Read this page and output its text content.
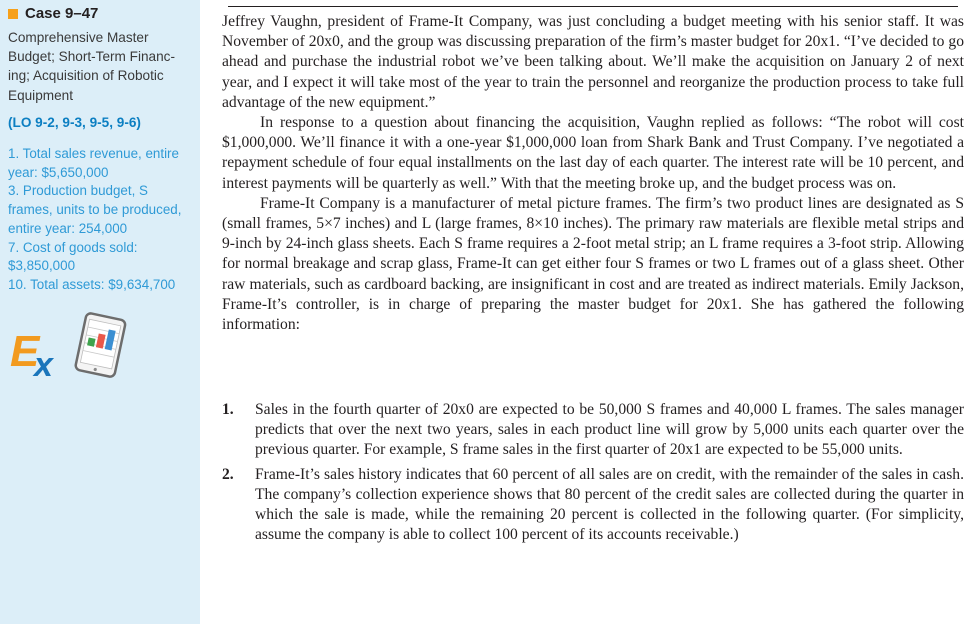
Case 9–47
Comprehensive Master
Budget; Short-Term Financ-
ing; Acquisition of Robotic
Equipment
(LO 9-2, 9-3, 9-5, 9-6)
1. Total sales revenue, entire
year: $5,650,000
3. Production budget, S
frames, units to be produced,
entire year: 254,000
7. Cost of goods sold:
$3,850,000
10. Total assets: $9,634,700
E
x

Jeffrey Vaughn, president of Frame-It Company, was just concluding a budget meeting with his senior staff. It was November of 20x0, and the group was discussing preparation of the firm’s master budget for 20x1. “I’ve decided to go ahead and purchase the industrial robot we’ve been talking about. We’ll make the acquisition on January 2 of next year, and I expect it will take most of the year to train the personnel and reorganize the production process to take full advantage of the new equipment.”

In response to a question about financing the acquisition, Vaughn replied as follows: “The robot will cost $1,000,000. We’ll finance it with a one-year $1,000,000 loan from Shark Bank and Trust Company. I’ve negotiated a repayment schedule of four equal installments on the last day of each quarter. The interest rate will be 10 percent, and interest payments will be quarterly as well.” With that the meeting broke up, and the budget process was on.

Frame-It Company is a manufacturer of metal picture frames. The firm’s two product lines are designated as S (small frames, 5×7 inches) and L (large frames, 8×10 inches). The primary raw materials are flexible metal strips and 9-inch by 24-inch glass sheets. Each S frame requires a 2-foot metal strip; an L frame requires a 3-foot strip. Allowing for normal breakage and scrap glass, Frame-It can get either four S frames or two L frames out of a glass sheet. Other raw materials, such as cardboard backing, are insignificant in cost and are treated as indirect materials. Emily Jackson, Frame-It’s controller, is in charge of preparing the master budget for 20x1. She has gathered the following information:

1. Sales in the fourth quarter of 20x0 are expected to be 50,000 S frames and 40,000 L frames. The sales manager predicts that over the next two years, sales in each product line will grow by 5,000 units each quarter over the previous quarter. For example, S frame sales in the first quarter of 20x1 are expected to be 55,000 units.
2. Frame-It’s sales history indicates that 60 percent of all sales are on credit, with the remainder of the sales in cash. The company’s collection experience shows that 80 percent of the credit sales are collected during the quarter in which the sale is made, while the remaining 20 percent is collected in the following quarter. (For simplicity, assume the company is able to collect 100 percent of its accounts receivable.)
